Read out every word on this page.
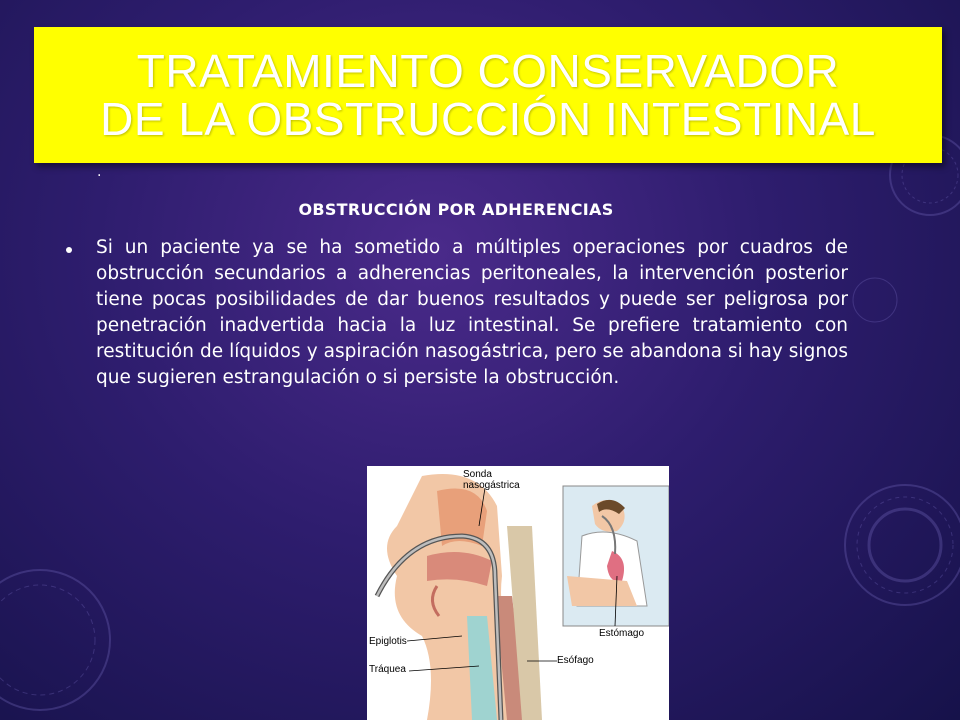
TRATAMIENTO CONSERVADOR
DE LA OBSTRUCCIÓN INTESTINAL
.
OBSTRUCCIÓN POR ADHERENCIAS
Si un paciente ya se ha sometido a múltiples operaciones por cuadros de obstrucción secundarios a adherencias peritoneales, la intervención posterior tiene pocas posibilidades de dar buenos resultados y puede ser peligrosa por penetración inadvertida hacia la luz intestinal. Se prefiere tratamiento con restitución de líquidos y aspiración nasogástrica, pero se abandona si hay signos que sugieren estrangulación o si persiste la obstrucción.
Sonda
nasogástrica
Epiglotis
Tráquea
Esófago
Estómago
